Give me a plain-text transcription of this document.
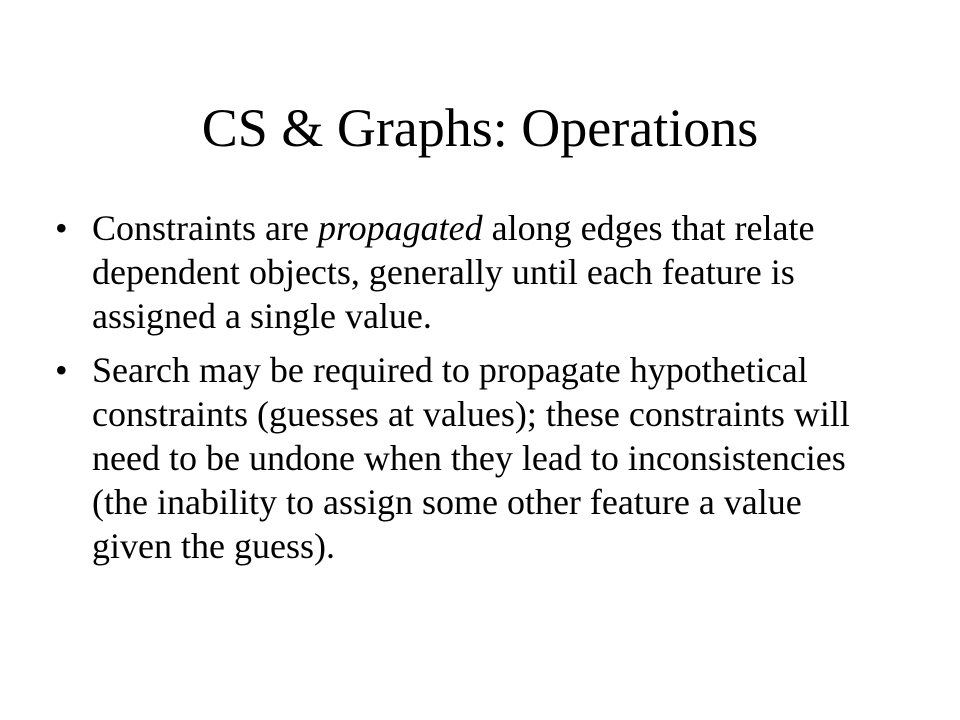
CS & Graphs: Operations
• Constraints are propagated along edges that relate dependent objects, generally until each feature is assigned a single value.
• Search may be required to propagate hypothetical constraints (guesses at values); these constraints will need to be undone when they lead to inconsistencies (the inability to assign some other feature a value given the guess).
